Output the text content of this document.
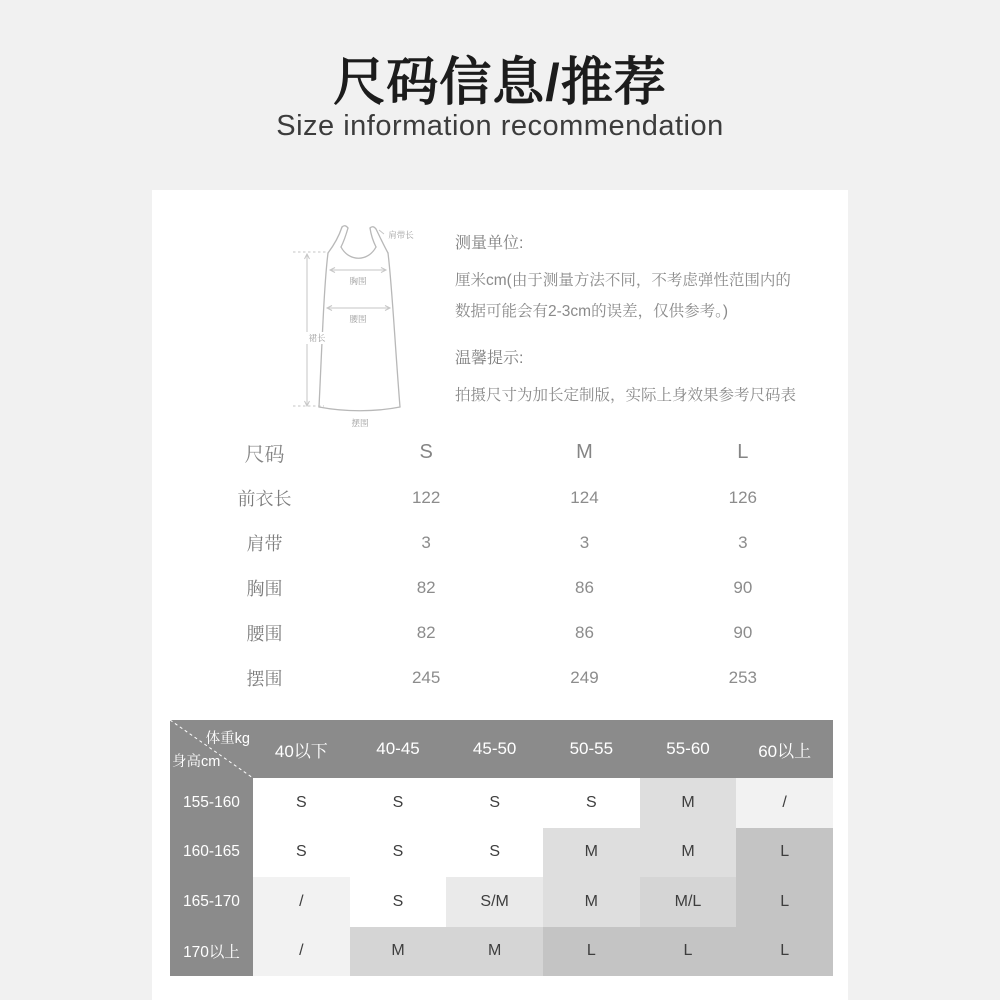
尺码信息/推荐
Size information recommendation
肩带长
胸围
腰围
裙长
摆围

测量单位:

厘米cm(由于测量方法不同，不考虑弹性范围内的

数据可能会有2-3cm的误差，仅供参考。)

温馨提示:

拍摄尺寸为加长定制版，实际上身效果参考尺码表

尺码	S	M	L
前衣长	122	124	126
肩带	3	3	3
胸围	82	86	90
腰围	82	86	90
摆围	245	249	253
体重kg
身高cm
40以下	40-45	45-50	50-55	55-60	60以上
155-160	S	S	S	S	M	/
160-165	S	S	S	M	M	L
165-170	/	S	S/M	M	M/L	L
170以上	/	M	M	L	L	L
